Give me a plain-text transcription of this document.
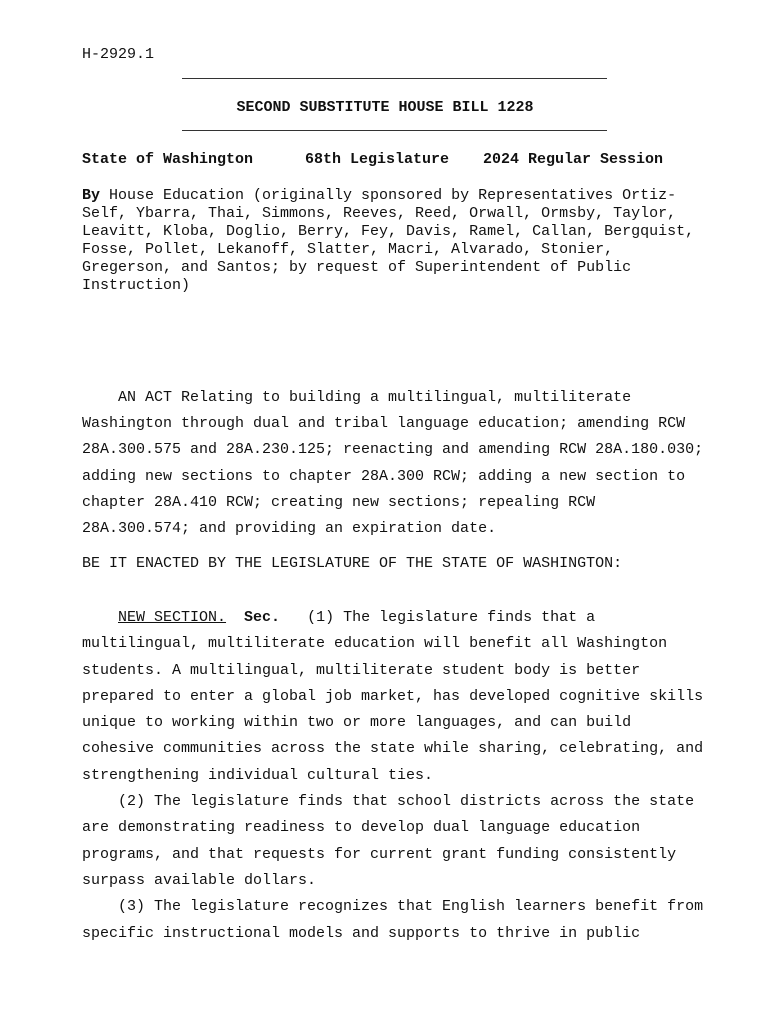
H-2929.1
SECOND SUBSTITUTE HOUSE BILL 1228
State of Washington	68th Legislature 2024 Regular Session
By House Education (originally sponsored by Representatives Ortiz-
Self, Ybarra, Thai, Simmons, Reeves, Reed, Orwall, Ormsby, Taylor,
Leavitt, Kloba, Doglio, Berry, Fey, Davis, Ramel, Callan, Bergquist,
Fosse, Pollet, Lekanoff, Slatter, Macri, Alvarado, Stonier,
Gregerson, and Santos; by request of Superintendent of Public
Instruction)
AN ACT Relating to building a multilingual, multiliterate
Washington through dual and tribal language education; amending RCW
28A.300.575 and 28A.230.125; reenacting and amending RCW 28A.180.030;
adding new sections to chapter 28A.300 RCW; adding a new section to
chapter 28A.410 RCW; creating new sections; repealing RCW
28A.300.574; and providing an expiration date.
BE IT ENACTED BY THE LEGISLATURE OF THE STATE OF WASHINGTON:
NEW SECTION. Sec.   (1) The legislature finds that a
multilingual, multiliterate education will benefit all Washington
students. A multilingual, multiliterate student body is better
prepared to enter a global job market, has developed cognitive skills
unique to working within two or more languages, and can build
cohesive communities across the state while sharing, celebrating, and
strengthening individual cultural ties.
(2) The legislature finds that school districts across the state
are demonstrating readiness to develop dual language education
programs, and that requests for current grant funding consistently
surpass available dollars.
(3) The legislature recognizes that English learners benefit from
specific instructional models and supports to thrive in public
